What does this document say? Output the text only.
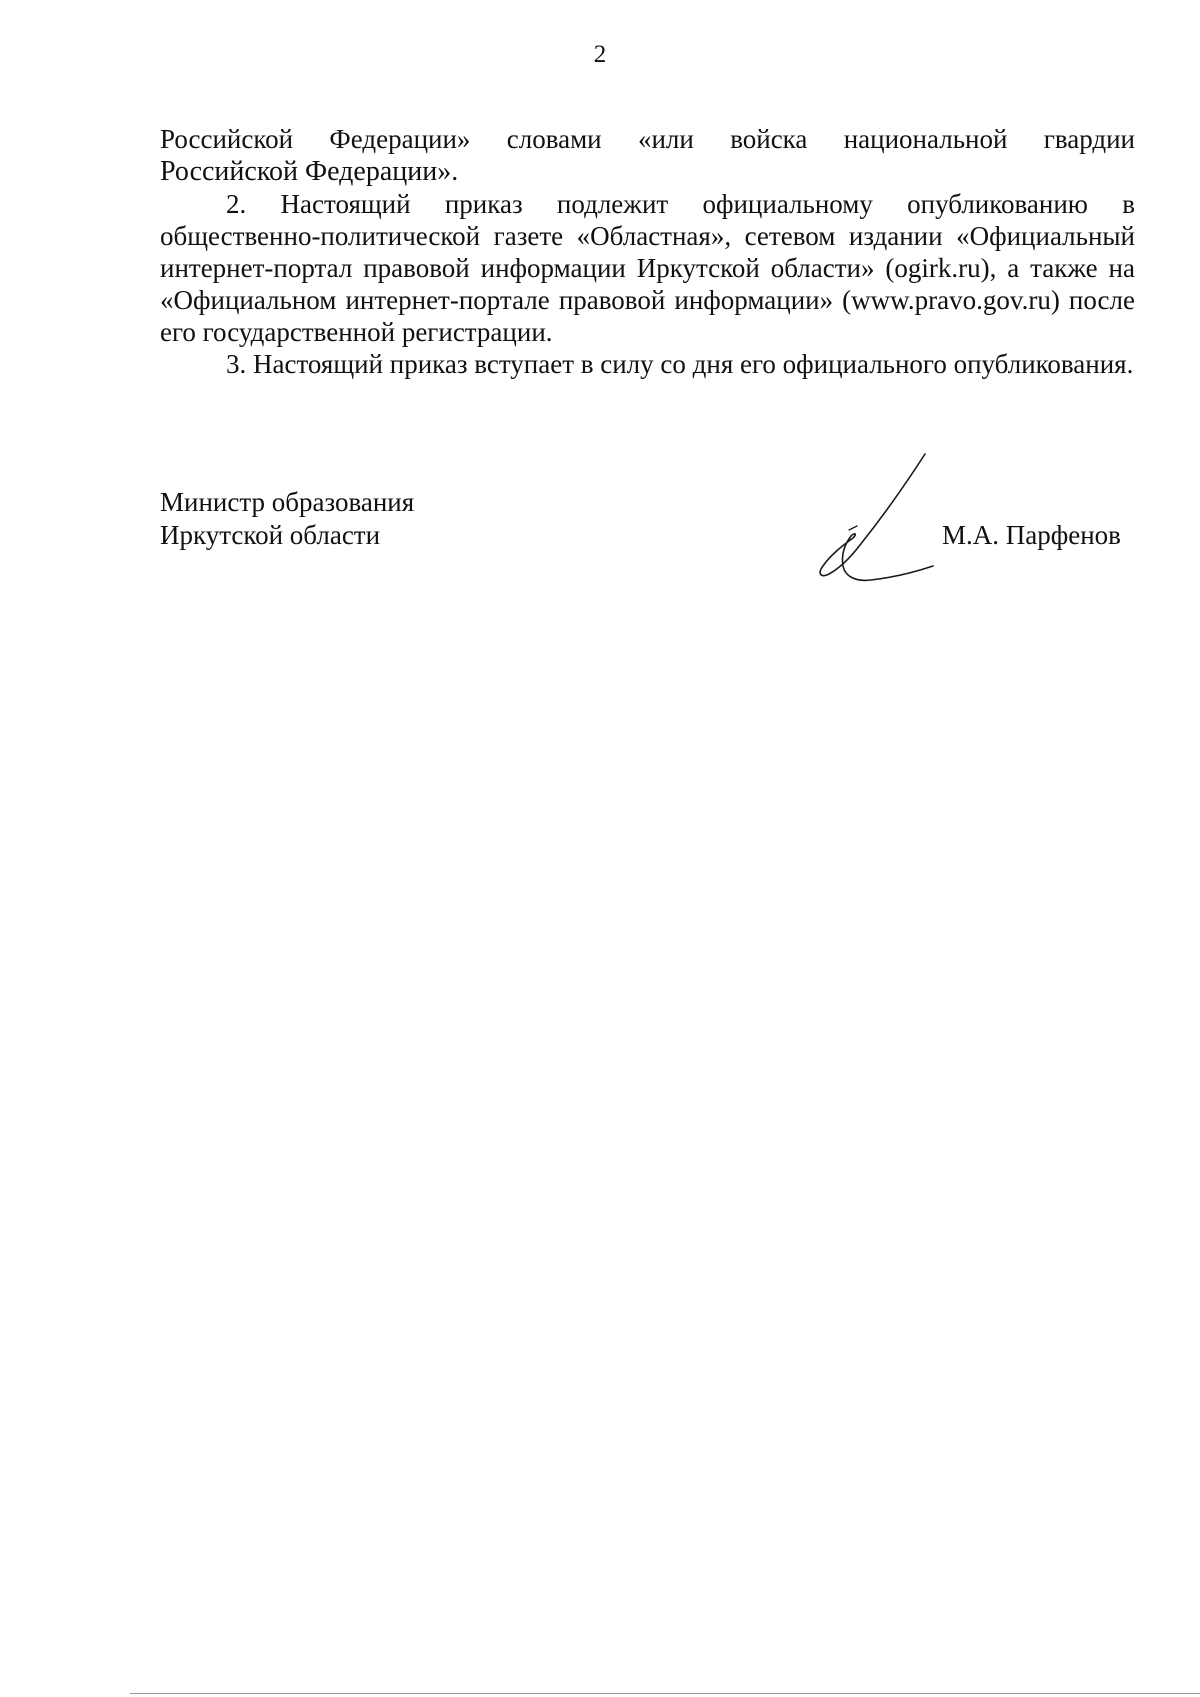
2

Российской Федерации» словами «или войска национальной гвардии

Российской Федерации».

2. Настоящий приказ подлежит официальному опубликованию в общественно-политической газете «Областная», сетевом издании «Официальный интернет-портал правовой информации Иркутской области» (ogirk.ru), а также на «Официальном интернет-портале правовой информации» (www.pravo.gov.ru) после его государственной регистрации.

3. Настоящий приказ вступает в силу со дня его официального опубликования.

Министр образования
Иркутской области	М.А. Парфенов
